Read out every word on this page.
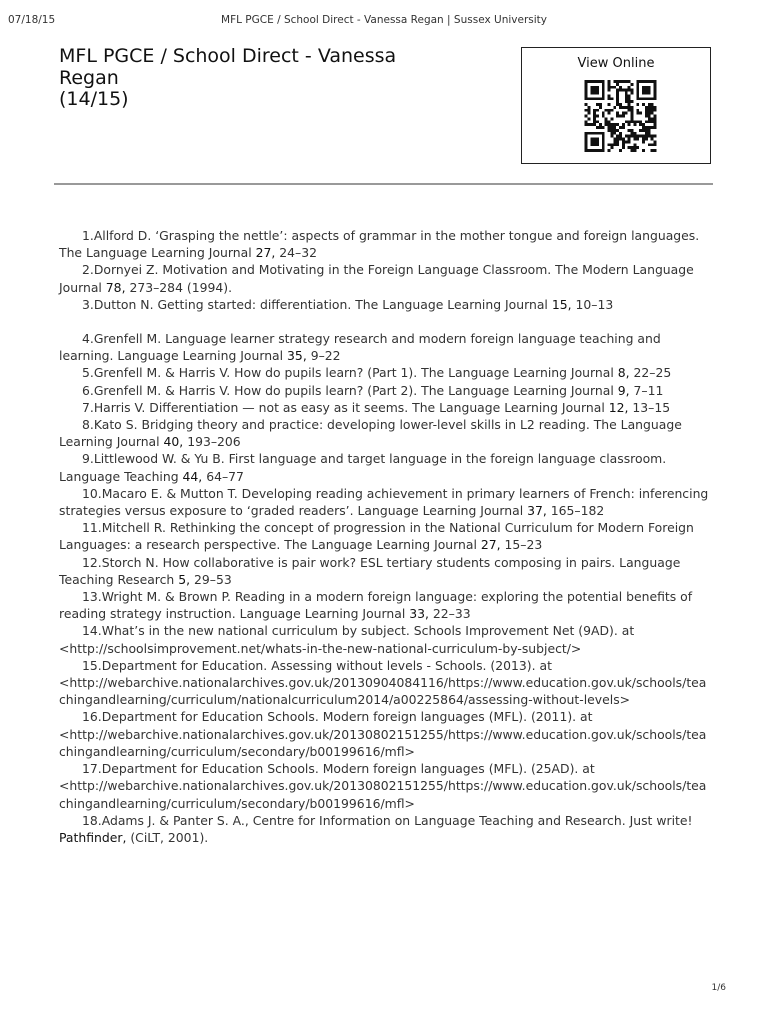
07/18/15	MFL PGCE / School Direct - Vanessa Regan | Sussex University
MFL PGCE / School Direct - Vanessa
Regan
(14/15)
View Online

1.Allford D. ‘Grasping the nettle’: aspects of grammar in the mother tongue and foreign languages. The Language Learning Journal 27, 24–32

2.Dornyei Z. Motivation and Motivating in the Foreign Language Classroom. The Modern Language Journal 78, 273–284 (1994).

3.Dutton N. Getting started: differentiation. The Language Learning Journal 15, 10–13

4.Grenfell M. Language learner strategy research and modern foreign language teaching and learning. Language Learning Journal 35, 9–22

5.Grenfell M. & Harris V. How do pupils learn? (Part 1). The Language Learning Journal 8, 22–25

6.Grenfell M. & Harris V. How do pupils learn? (Part 2). The Language Learning Journal 9, 7–11

7.Harris V. Differentiation — not as easy as it seems. The Language Learning Journal 12, 13–15

8.Kato S. Bridging theory and practice: developing lower-level skills in L2 reading. The Language Learning Journal 40, 193–206

9.Littlewood W. & Yu B. First language and target language in the foreign language classroom. Language Teaching 44, 64–77

10.Macaro E. & Mutton T. Developing reading achievement in primary learners of French: inferencing strategies versus exposure to ‘graded readers’. Language Learning Journal 37, 165–182

11.Mitchell R. Rethinking the concept of progression in the National Curriculum for Modern Foreign Languages: a research perspective. The Language Learning Journal 27, 15–23

12.Storch N. How collaborative is pair work? ESL tertiary students composing in pairs. Language Teaching Research 5, 29–53

13.Wright M. & Brown P. Reading in a modern foreign language: exploring the potential benefits of reading strategy instruction. Language Learning Journal 33, 22–33

14.What’s in the new national curriculum by subject. Schools Improvement Net (9AD). at <http://schoolsimprovement.net/whats-in-the-new-national-curriculum-by-subject/>

15.Department for Education. Assessing without levels - Schools. (2013). at <http://webarchive.nationalarchives.gov.uk/20130904084116/https://www.education.gov.uk/schools/teachingandlearning/curriculum/nationalcurriculum2014/a00225864/assessing-without-levels>

16.Department for Education Schools. Modern foreign languages (MFL). (2011). at <http://webarchive.nationalarchives.gov.uk/20130802151255/https://www.education.gov.uk/schools/teachingandlearning/curriculum/secondary/b00199616/mfl>

17.Department for Education Schools. Modern foreign languages (MFL). (25AD). at <http://webarchive.nationalarchives.gov.uk/20130802151255/https://www.education.gov.uk/schools/teachingandlearning/curriculum/secondary/b00199616/mfl>

18.Adams J. & Panter S. A., Centre for Information on Language Teaching and Research. Just write! Pathfinder, (CiLT, 2001).

1/6
